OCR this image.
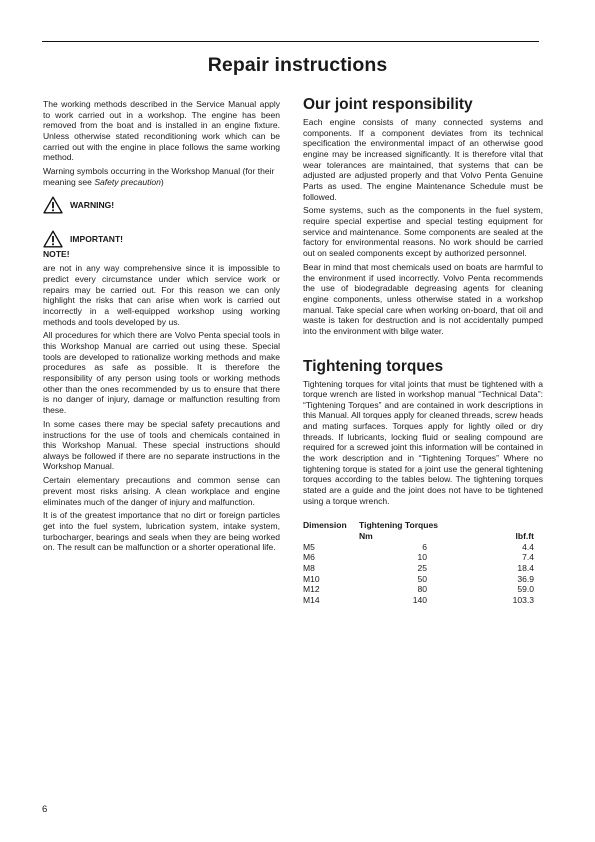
Repair instructions

The working methods described in the Service Manual apply to work carried out in a workshop. The engine has been removed from the boat and is installed in an engine fixture. Unless otherwise stated reconditioning work which can be carried out with the engine in place follows the same working method.

Warning symbols occurring in the Workshop Manual (for their meaning see Safety precaution)

WARNING!
IMPORTANT!

NOTE!

are not in any way comprehensive since it is impossible to predict every circumstance under which service work or repairs may be carried out. For this reason we can only highlight the risks that can arise when work is carried out incorrectly in a well-equipped workshop using working methods and tools developed by us.

All procedures for which there are Volvo Penta special tools in this Workshop Manual are carried out using these. Special tools are developed to rationalize working methods and make procedures as safe as possible. It is therefore the responsibility of any person using tools or working methods other than the ones recommended by us to ensure that there is no danger of injury, damage or malfunction resulting from these.

In some cases there may be special safety precautions and instructions for the use of tools and chemicals contained in this Workshop Manual. These special instructions should always be followed if there are no separate instructions in the Workshop Manual.

Certain elementary precautions and common sense can prevent most risks arising. A clean workplace and engine eliminates much of the danger of injury and malfunction.

It is of the greatest importance that no dirt or foreign particles get into the fuel system, lubrication system, intake system, turbocharger, bearings and seals when they are being worked on. The result can be malfunction or a shorter operational life.

Our joint responsibility

Each engine consists of many connected systems and components. If a component deviates from its technical specification the environmental impact of an otherwise good engine may be increased significantly. It is therefore vital that wear tolerances are maintained, that systems that can be adjusted are adjusted properly and that Volvo Penta Genuine Parts as used. The engine Maintenance Schedule must be followed.

Some systems, such as the components in the fuel system, require special expertise and special testing equipment for service and maintenance. Some components are sealed at the factory for environmental reasons. No work should be carried out on sealed components except by authorized personnel.

Bear in mind that most chemicals used on boats are harmful to the environment if used incorrectly. Volvo Penta recommends the use of biodegradable degreasing agents for cleaning engine components, unless otherwise stated in a workshop manual. Take special care when working on-board, that oil and waste is taken for destruction and is not accidentally pumped into the environment with bilge water.

Tightening torques

Tightening torques for vital joints that must be tightened with a torque wrench are listed in workshop manual “Technical Data”: “Tightening Torques” and are contained in work descriptions in this Manual. All torques apply for cleaned threads, screw heads and mating surfaces. Torques apply for lightly oiled or dry threads. If lubricants, locking fluid or sealing compound are required for a screwed joint this information will be contained in the work description and in “Tightening Torques” Where no tightening torque is stated for a joint use the general tightening torques according to the tables below. The tightening torques stated are a guide and the joint does not have to be tightened using a torque wrench.

Dimension	Tightening Torques	
	Nm	lbf.ft
M5	6	4.4
M6	10	7.4
M8	25	18.4
M10	50	36.9
M12	80	59.0
M14	140	103.3
6
